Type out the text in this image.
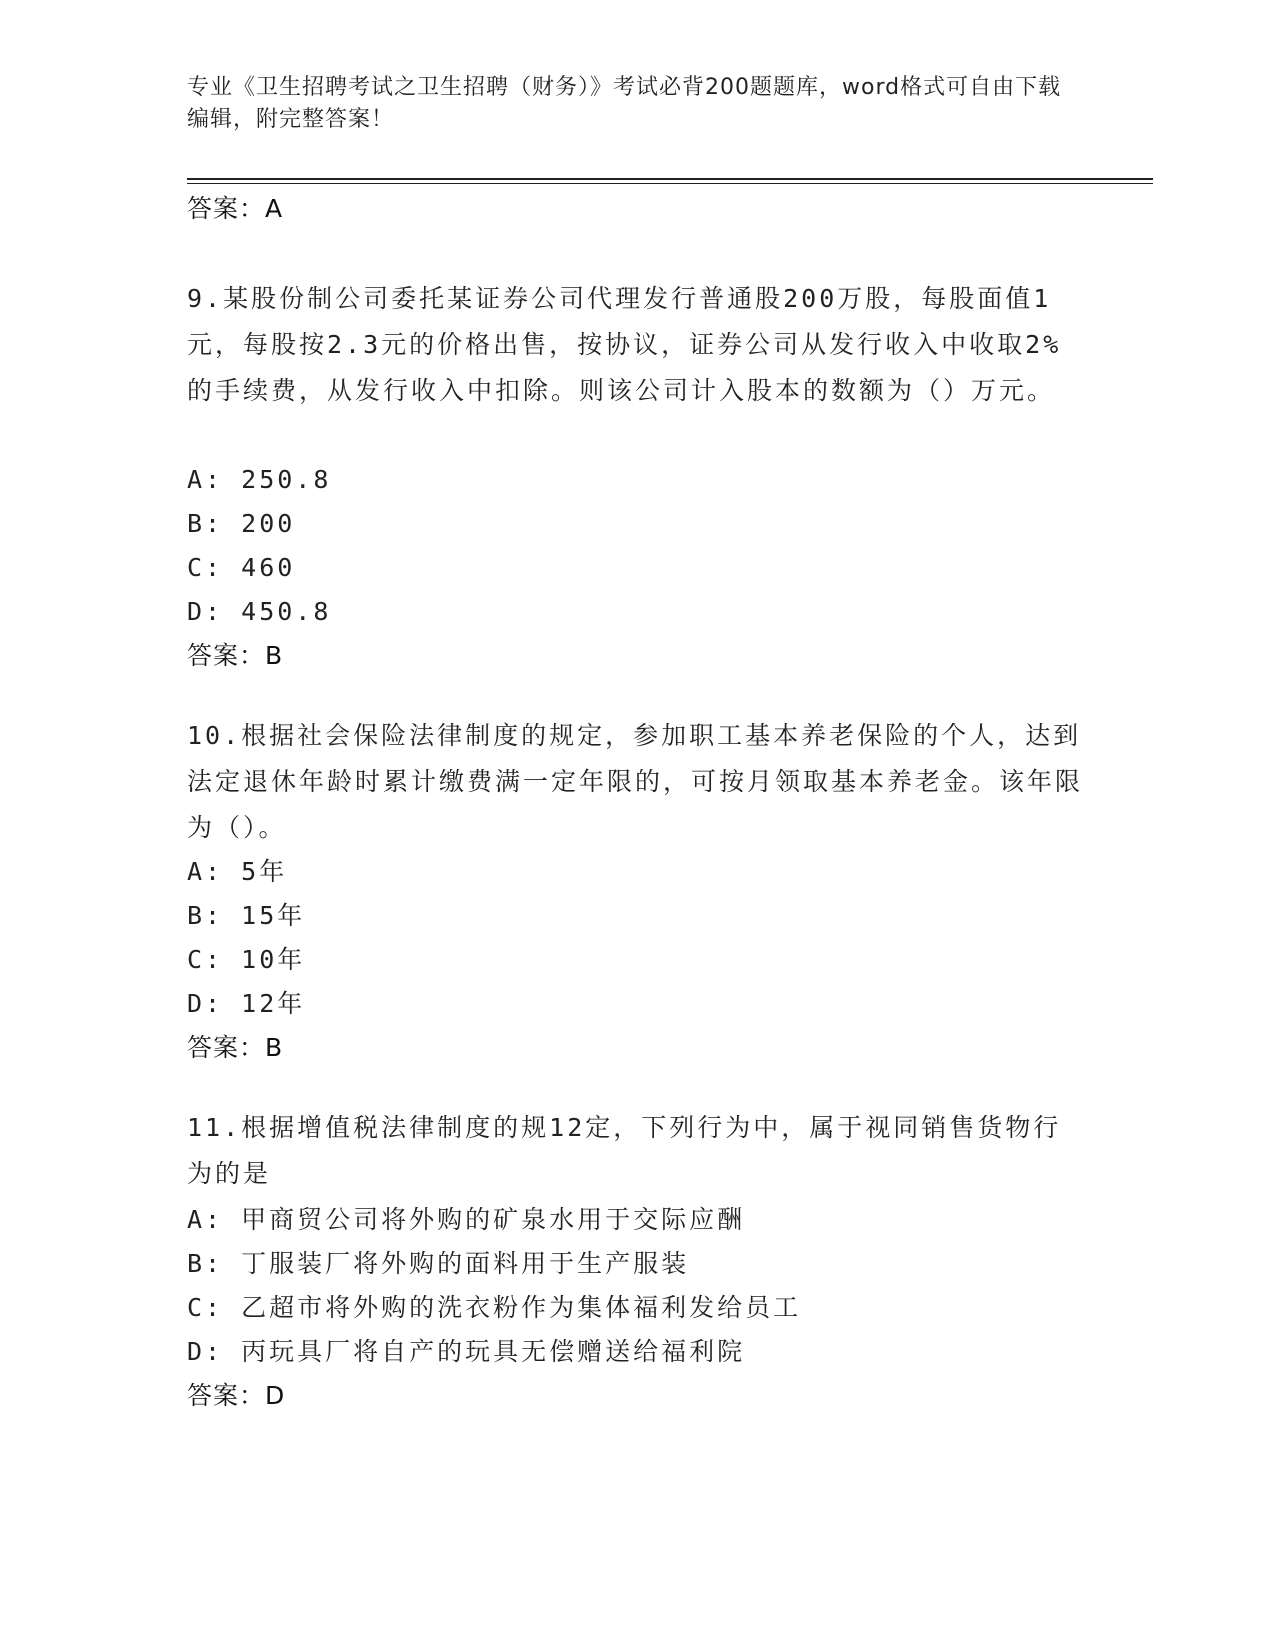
专业《卫生招聘考试之卫生招聘（财务）》考试必背200题题库，word格式可自由下载编辑，附完整答案！
答案：A
9.某股份制公司委托某证券公司代理发行普通股200万股，每股面值1元，每股按2.3元的价格出售，按协议，证券公司从发行收入中收取2%的手续费，从发行收入中扣除。则该公司计入股本的数额为（）万元。
A: 250.8
B: 200
C: 460
D: 450.8
答案：B
10.根据社会保险法律制度的规定，参加职工基本养老保险的个人，达到法定退休年龄时累计缴费满一定年限的，可按月领取基本养老金。该年限为（）。
A: 5年
B: 15年
C: 10年
D: 12年
答案：B
11.根据增值税法律制度的规12定，下列行为中，属于视同销售货物行为的是
A: 甲商贸公司将外购的矿泉水用于交际应酬
B: 丁服装厂将外购的面料用于生产服装
C: 乙超市将外购的洗衣粉作为集体福利发给员工
D: 丙玩具厂将自产的玩具无偿赠送给福利院
答案：D
